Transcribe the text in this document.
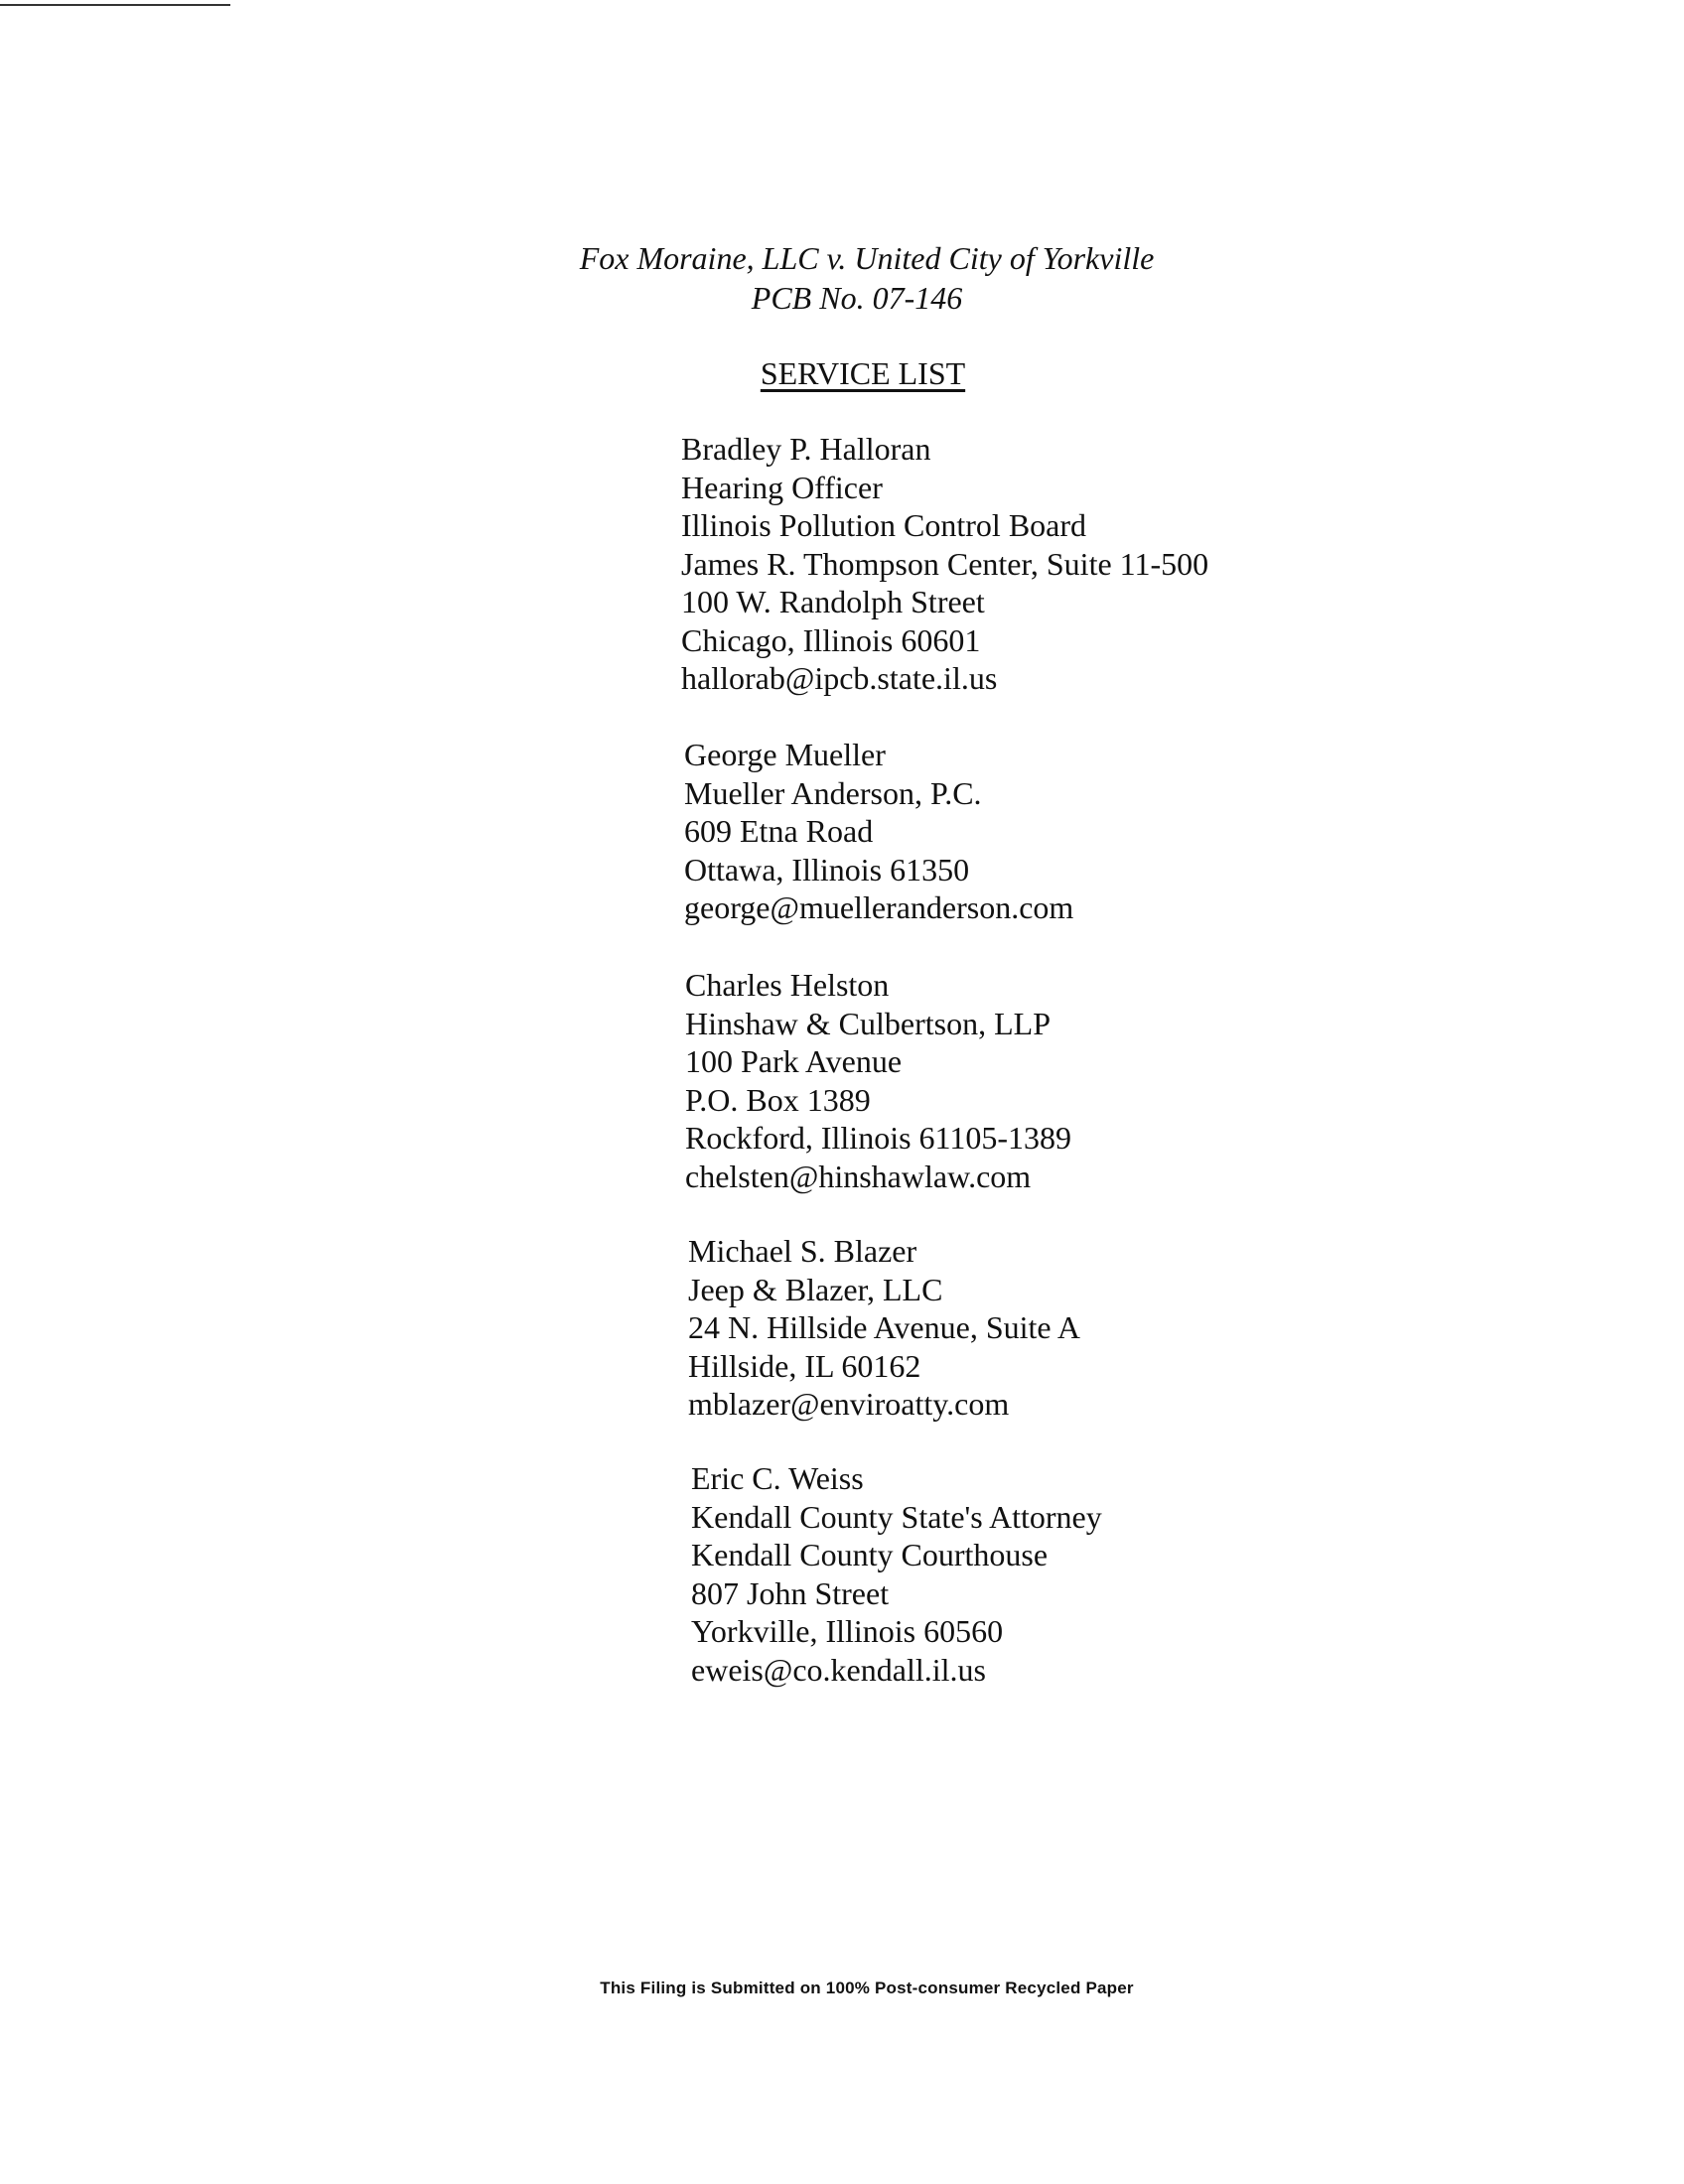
Fox Moraine, LLC v. United City of Yorkville
PCB No. 07-146
SERVICE LIST
Bradley P. Halloran
Hearing Officer
Illinois Pollution Control Board
James R. Thompson Center, Suite 11-500
100 W. Randolph Street
Chicago, Illinois 60601
hallorab@ipcb.state.il.us
George Mueller
Mueller Anderson, P.C.
609 Etna Road
Ottawa, Illinois 61350
george@muelleranderson.com
Charles Helston
Hinshaw & Culbertson, LLP
100 Park Avenue
P.O. Box 1389
Rockford, Illinois 61105-1389
chelsten@hinshawlaw.com
Michael S. Blazer
Jeep & Blazer, LLC
24 N. Hillside Avenue, Suite A
Hillside, IL 60162
mblazer@enviroatty.com
Eric C. Weiss
Kendall County State's Attorney
Kendall County Courthouse
807 John Street
Yorkville, Illinois 60560
eweis@co.kendall.il.us
This Filing is Submitted on 100% Post-consumer Recycled Paper
